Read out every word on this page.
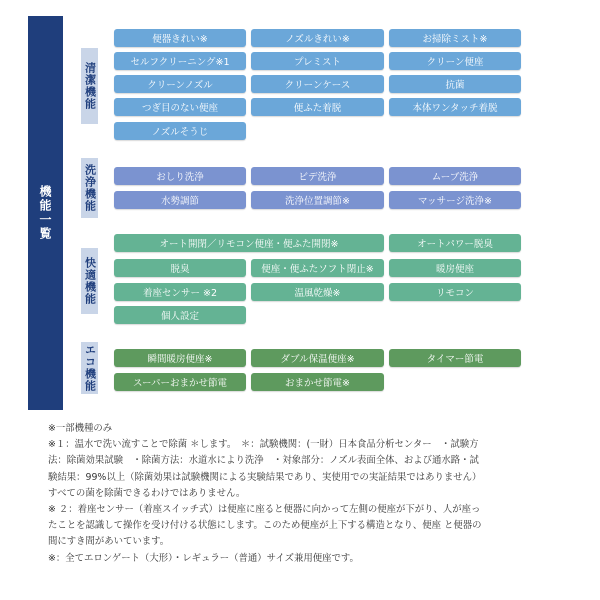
機能一覧
清潔機能
便器きれい※	ノズルきれい※	お掃除ミスト※
セルフクリーニング※1	プレミスト	クリーン便座
クリーンノズル	クリーンケース	抗菌
つぎ目のない便座	便ふた着脱	本体ワンタッチ着脱
ノズルそうじ
洗浄機能	おしり洗浄	ビデ洗浄	ムーブ洗浄
水勢調節	洗浄位置調節※	マッサージ洗浄※
快適機能
オート開閉／リモコン便座・便ふた開閉※	オートパワー脱臭
脱臭	便座・便ふたソフト閉止※	暖房便座
着座センサー ※2	温風乾燥※	リモコン
個人設定
エコ機能	瞬間暖房便座※	ダブル保温便座※	タイマー節電
スーパーおまかせ節電	おまかせ節電※
※一部機種のみ
※１：温水で洗い流すことで除菌 ＊します。　＊：試験機関：(一財）日本食品分析センター　・試験方
法：除菌効果試験　・除菌方法：水道水により洗浄　・対象部分：ノズル表面全体、および通水路・試
験結果：99%以上（除菌効果は試験機関による実験結果であり、実使用での実証結果ではありません）
すべての菌を除菌できるわけではありません。
※ ２：着座センサー（着座スイッチ式）は便座に座ると便器に向かって左側の便座が下がり、人が座っ
たことを認識して操作を受け付ける状態にします。このため便座が上下する構造となり、便座 と便器の
間にすき間があいています。
※：全てエロンゲート（大形）・レギュラー（普通）サイズ兼用便座です。
